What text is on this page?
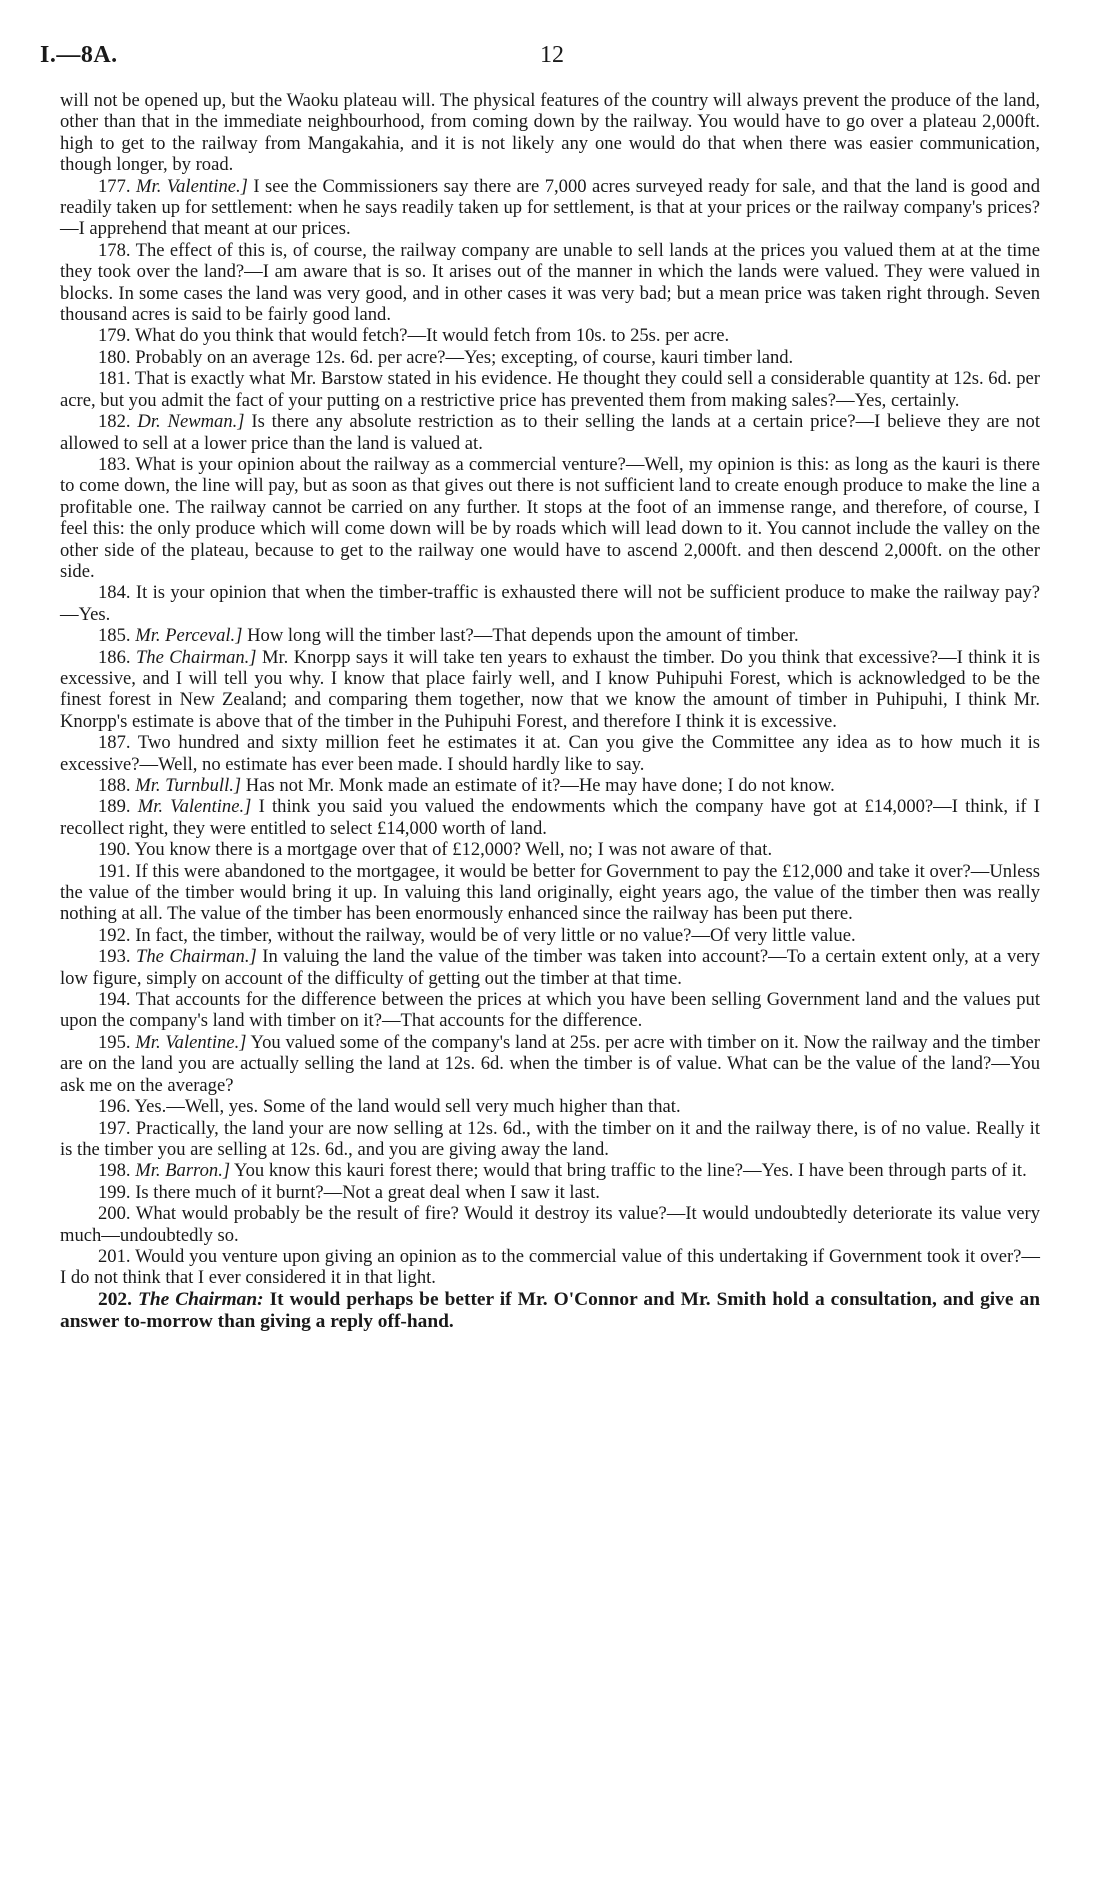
I.—8A.	12

will not be opened up, but the Waoku plateau will. The physical features of the country will always prevent the produce of the land, other than that in the immediate neighbourhood, from coming down by the railway. You would have to go over a plateau 2,000ft. high to get to the railway from Mangakahia, and it is not likely any one would do that when there was easier communication, though longer, by road.

177. Mr. Valentine.] I see the Commissioners say there are 7,000 acres surveyed ready for sale, and that the land is good and readily taken up for settlement: when he says readily taken up for settlement, is that at your prices or the railway company's prices?—I apprehend that meant at our prices.

178. The effect of this is, of course, the railway company are unable to sell lands at the prices you valued them at at the time they took over the land?—I am aware that is so. It arises out of the manner in which the lands were valued. They were valued in blocks. In some cases the land was very good, and in other cases it was very bad; but a mean price was taken right through. Seven thousand acres is said to be fairly good land.

179. What do you think that would fetch?—It would fetch from 10s. to 25s. per acre.

180. Probably on an average 12s. 6d. per acre?—Yes; excepting, of course, kauri timber land.

181. That is exactly what Mr. Barstow stated in his evidence. He thought they could sell a considerable quantity at 12s. 6d. per acre, but you admit the fact of your putting on a restrictive price has prevented them from making sales?—Yes, certainly.

182. Dr. Newman.] Is there any absolute restriction as to their selling the lands at a certain price?—I believe they are not allowed to sell at a lower price than the land is valued at.

183. What is your opinion about the railway as a commercial venture?—Well, my opinion is this: as long as the kauri is there to come down, the line will pay, but as soon as that gives out there is not sufficient land to create enough produce to make the line a profitable one. The railway cannot be carried on any further. It stops at the foot of an immense range, and therefore, of course, I feel this: the only produce which will come down will be by roads which will lead down to it. You cannot include the valley on the other side of the plateau, because to get to the railway one would have to ascend 2,000ft. and then descend 2,000ft. on the other side.

184. It is your opinion that when the timber-traffic is exhausted there will not be sufficient produce to make the railway pay?—Yes.

185. Mr. Perceval.] How long will the timber last?—That depends upon the amount of timber.

186. The Chairman.] Mr. Knorpp says it will take ten years to exhaust the timber. Do you think that excessive?—I think it is excessive, and I will tell you why. I know that place fairly well, and I know Puhipuhi Forest, which is acknowledged to be the finest forest in New Zealand; and comparing them together, now that we know the amount of timber in Puhipuhi, I think Mr. Knorpp's estimate is above that of the timber in the Puhipuhi Forest, and therefore I think it is excessive.

187. Two hundred and sixty million feet he estimates it at. Can you give the Committee any idea as to how much it is excessive?—Well, no estimate has ever been made. I should hardly like to say.

188. Mr. Turnbull.] Has not Mr. Monk made an estimate of it?—He may have done; I do not know.

189. Mr. Valentine.] I think you said you valued the endowments which the company have got at £14,000?—I think, if I recollect right, they were entitled to select £14,000 worth of land.

190. You know there is a mortgage over that of £12,000? Well, no; I was not aware of that.

191. If this were abandoned to the mortgagee, it would be better for Government to pay the £12,000 and take it over?—Unless the value of the timber would bring it up. In valuing this land originally, eight years ago, the value of the timber then was really nothing at all. The value of the timber has been enormously enhanced since the railway has been put there.

192. In fact, the timber, without the railway, would be of very little or no value?—Of very little value.

193. The Chairman.] In valuing the land the value of the timber was taken into account?—To a certain extent only, at a very low figure, simply on account of the difficulty of getting out the timber at that time.

194. That accounts for the difference between the prices at which you have been selling Government land and the values put upon the company's land with timber on it?—That accounts for the difference.

195. Mr. Valentine.] You valued some of the company's land at 25s. per acre with timber on it. Now the railway and the timber are on the land you are actually selling the land at 12s. 6d. when the timber is of value. What can be the value of the land?—You ask me on the average?

196. Yes.—Well, yes. Some of the land would sell very much higher than that.

197. Practically, the land your are now selling at 12s. 6d., with the timber on it and the railway there, is of no value. Really it is the timber you are selling at 12s. 6d., and you are giving away the land.

198. Mr. Barron.] You know this kauri forest there; would that bring traffic to the line?—Yes. I have been through parts of it.

199. Is there much of it burnt?—Not a great deal when I saw it last.

200. What would probably be the result of fire? Would it destroy its value?—It would undoubtedly deteriorate its value very much—undoubtedly so.

201. Would you venture upon giving an opinion as to the commercial value of this undertaking if Government took it over?—I do not think that I ever considered it in that light.

202. The Chairman: It would perhaps be better if Mr. O'Connor and Mr. Smith hold a consultation, and give an answer to-morrow than giving a reply off-hand.
